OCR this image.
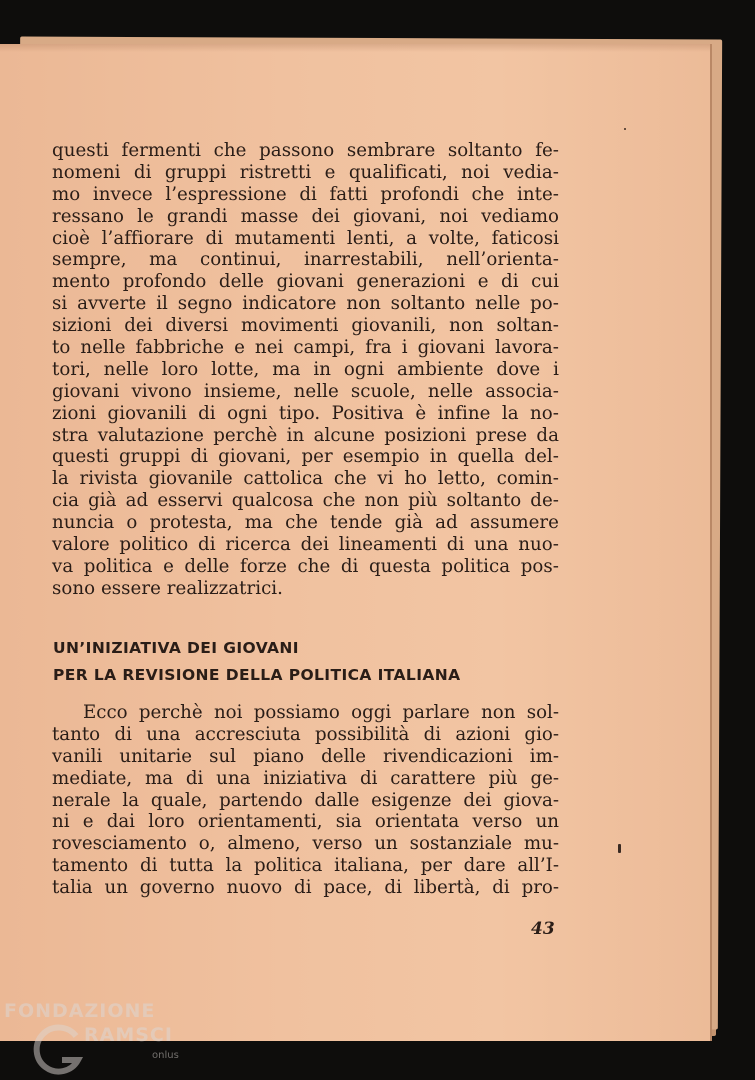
questi fermenti che passono sembrare soltanto fe-
nomeni di gruppi ristretti e qualificati, noi vedia-
mo invece l’espressione di fatti profondi che inte-
ressano le grandi masse dei giovani, noi vediamo
cioè l’affiorare di mutamenti lenti, a volte, faticosi
sempre, ma continui, inarrestabili, nell’orienta-
mento profondo delle giovani generazioni e di cui
si avverte il segno indicatore non soltanto nelle po-
sizioni dei diversi movimenti giovanili, non soltan-
to nelle fabbriche e nei campi, fra i giovani lavora-
tori, nelle loro lotte, ma in ogni ambiente dove i
giovani vivono insieme, nelle scuole, nelle associa-
zioni giovanili di ogni tipo. Positiva è infine la no-
stra valutazione perchè in alcune posizioni prese da
questi gruppi di giovani, per esempio in quella del-
la rivista giovanile cattolica che vi ho letto, comin-
cia già ad esservi qualcosa che non più soltanto de-
nuncia o protesta, ma che tende già ad assumere
valore politico di ricerca dei lineamenti di una nuo-
va politica e delle forze che di questa politica pos-
sono essere realizzatrici.
UN’INIZIATIVA DEI GIOVANI
PER LA REVISIONE DELLA POLITICA ITALIANA
Ecco perchè noi possiamo oggi parlare non sol-
tanto di una accresciuta possibilità di azioni gio-
vanili unitarie sul piano delle rivendicazioni im-
mediate, ma di una iniziativa di carattere più ge-
nerale la quale, partendo dalle esigenze dei giova-
ni e dai loro orientamenti, sia orientata verso un
rovesciamento o, almeno, verso un sostanziale mu-
tamento di tutta la politica italiana, per dare all’I-
talia un governo nuovo di pace, di libertà, di pro-
43
FONDAZIONE
RAMSCI
onlus
